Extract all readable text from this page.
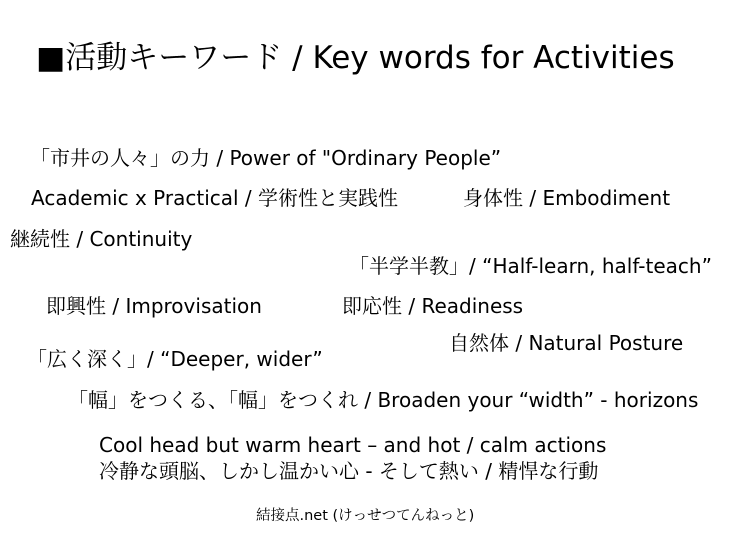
■活動キーワード / Key words for Activities
「市井の人々」の力 / Power of "Ordinary People”
Academic x Practical / 学術性と実践性	身体性 / Embodiment
継続性 / Continuity
「半学半教」/ “Half-learn, half-teach”
即興性 / Improvisation	即応性 / Readiness
自然体 / Natural Posture
「広く深く」/ “Deeper, wider”
「幅」をつくる、「幅」をつくれ / Broaden your “width” - horizons
Cool head but warm heart – and hot / calm actions
冷静な頭脳、しかし温かい心 - そして熱い / 精悍な行動
結接点.net (けっせつてんねっと)
